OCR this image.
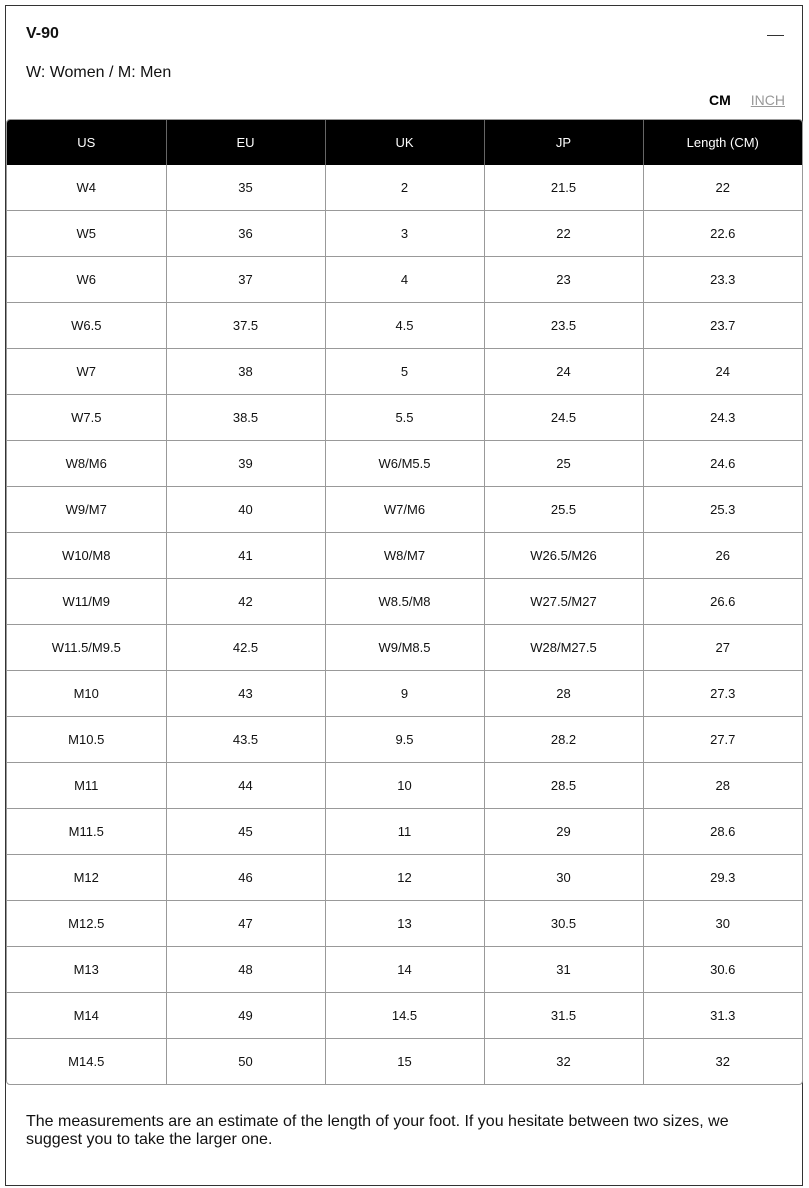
V-90
W: Women / M: Men
CM INCH
US	EU	UK	JP	Length (CM)
W4	35	2	21.5	22
W5	36	3	22	22.6
W6	37	4	23	23.3
W6.5	37.5	4.5	23.5	23.7
W7	38	5	24	24
W7.5	38.5	5.5	24.5	24.3
W8/M6	39	W6/M5.5	25	24.6
W9/M7	40	W7/M6	25.5	25.3
W10/M8	41	W8/M7	W26.5/M26	26
W11/M9	42	W8.5/M8	W27.5/M27	26.6
W11.5/M9.5	42.5	W9/M8.5	W28/M27.5	27
M10	43	9	28	27.3
M10.5	43.5	9.5	28.2	27.7
M11	44	10	28.5	28
M11.5	45	11	29	28.6
M12	46	12	30	29.3
M12.5	47	13	30.5	30
M13	48	14	31	30.6
M14	49	14.5	31.5	31.3
M14.5	50	15	32	32
The measurements are an estimate of the length of your foot. If you hesitate between two sizes, we suggest you to take the larger one.
